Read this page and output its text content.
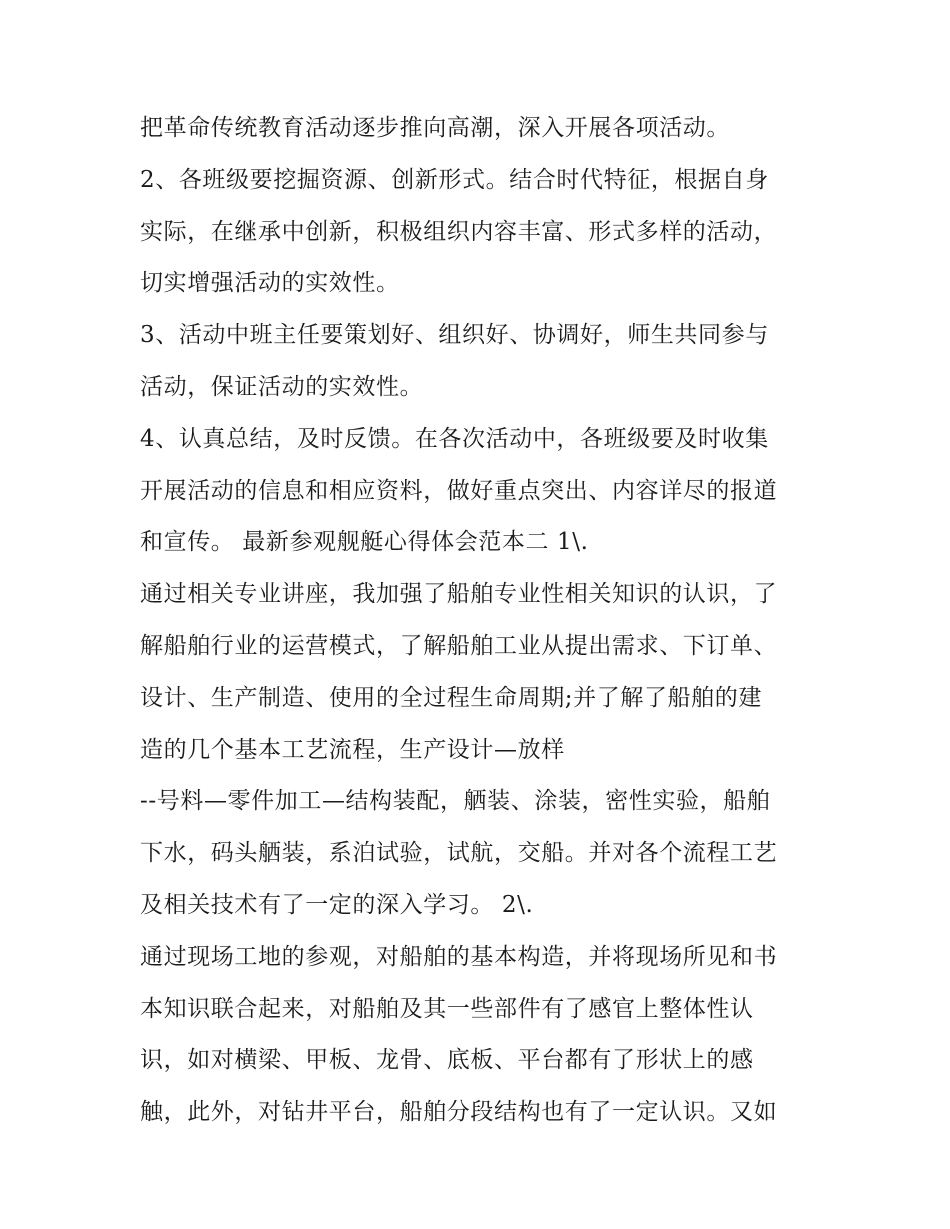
把革命传统教育活动逐步推向高潮，深入开展各项活动。
2、各班级要挖掘资源、创新形式。结合时代特征，根据自身
实际，在继承中创新，积极组织内容丰富、形式多样的活动，
切实增强活动的实效性。
3、活动中班主任要策划好、组织好、协调好，师生共同参与
活动，保证活动的实效性。
4、认真总结，及时反馈。在各次活动中，各班级要及时收集
开展活动的信息和相应资料，做好重点突出、内容详尽的报道
和宣传。 最新参观舰艇心得体会范本二 1\.
通过相关专业讲座，我加强了船舶专业性相关知识的认识，了
解船舶行业的运营模式，了解船舶工业从提出需求、下订单、
设计、生产制造、使用的全过程生命周期;并了解了船舶的建
造的几个基本工艺流程，生产设计—放样
--号料—零件加工—结构装配，舾装、涂装，密性实验，船舶
下水，码头舾装，系泊试验，试航，交船。并对各个流程工艺
及相关技术有了一定的深入学习。 2\.
通过现场工地的参观，对船舶的基本构造，并将现场所见和书
本知识联合起来，对船舶及其一些部件有了感官上整体性认
识，如对横梁、甲板、龙骨、底板、平台都有了形状上的感
触，此外，对钻井平台，船舶分段结构也有了一定认识。又如
